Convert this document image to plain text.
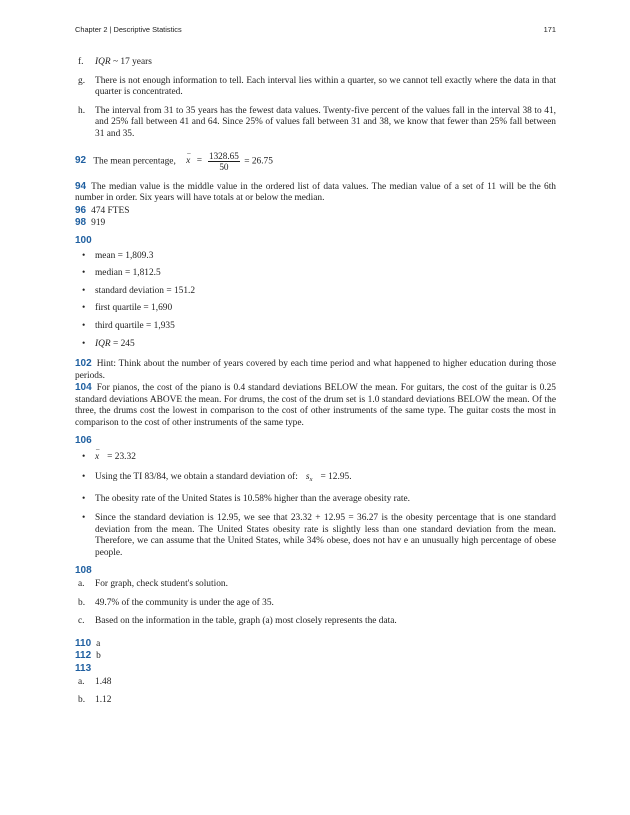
Chapter 2 | Descriptive Statistics	171
f. IQR ~ 17 years
g. There is not enough information to tell. Each interval lies within a quarter, so we cannot tell exactly where the data in that quarter is concentrated.
h. The interval from 31 to 35 years has the fewest data values. Twenty-five percent of the values fall in the interval 38 to 41, and 25% fall between 41 and 64. Since 25% of values fall between 31 and 38, we know that fewer than 25% fall between 31 and 35.

92 The mean percentage, – $x = \frac{1328.65}{50} = 26.75$

94 The median value is the middle value in the ordered list of data values. The median value of a set of 11 will be the 6th number in order. Six years will have totals at or below the median.

96 474 FTES

98 919

100
• mean = 1,809.3
• median = 1,812.5
• standard deviation = 151.2
• first quartile = 1,690
• third quartile = 1,935
• IQR = 245

102 Hint: Think about the number of years covered by each time period and what happened to higher education during those periods.

104 For pianos, the cost of the piano is 0.4 standard deviations BELOW the mean. For guitars, the cost of the guitar is 0.25 standard deviations ABOVE the mean. For drums, the cost of the drum set is 1.0 standard deviations BELOW the mean. Of the three, the drums cost the lowest in comparison to the cost of other instruments of the same type. The guitar costs the most in comparison to the cost of other instruments of the same type.

106
• – x = 23.32
• Using the TI 83/84, we obtain a standard deviation of: $s_x = 12.95$.
• The obesity rate of the United States is 10.58% higher than the average obesity rate.
• Since the standard deviation is 12.95, we see that 23.32 + 12.95 = 36.27 is the obesity percentage that is one standard deviation from the mean. The United States obesity rate is slightly less than one standard deviation from the mean. Therefore, we can assume that the United States, while 34% obese, does not hav e an unusually high percentage of obese people.
108
a. For graph, check student's solution.
b. 49.7% of the community is under the age of 35.
c. Based on the information in the table, graph (a) most closely represents the data.

110 a

112 b

113
a. 1.48
b. 1.12
